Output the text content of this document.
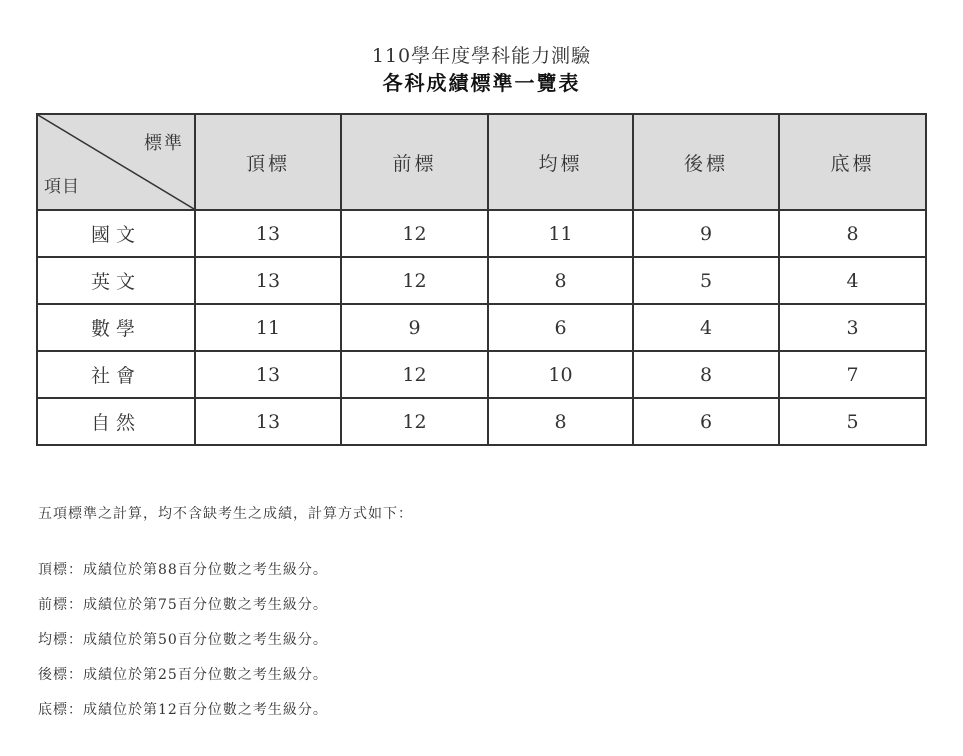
110學年度學科能力測驗
各科成績標準一覽表
標準
項目	頂標	前標	均標	後標	底標
國文	13	12	11	9	8
英文	13	12	8	5	4
數學	11	9	6	4	3
社會	13	12	10	8	7
自然	13	12	8	6	5
五項標準之計算，均不含缺考生之成績，計算方式如下：
頂標：成績位於第88百分位數之考生級分。
前標：成績位於第75百分位數之考生級分。
均標：成績位於第50百分位數之考生級分。
後標：成績位於第25百分位數之考生級分。
底標：成績位於第12百分位數之考生級分。
